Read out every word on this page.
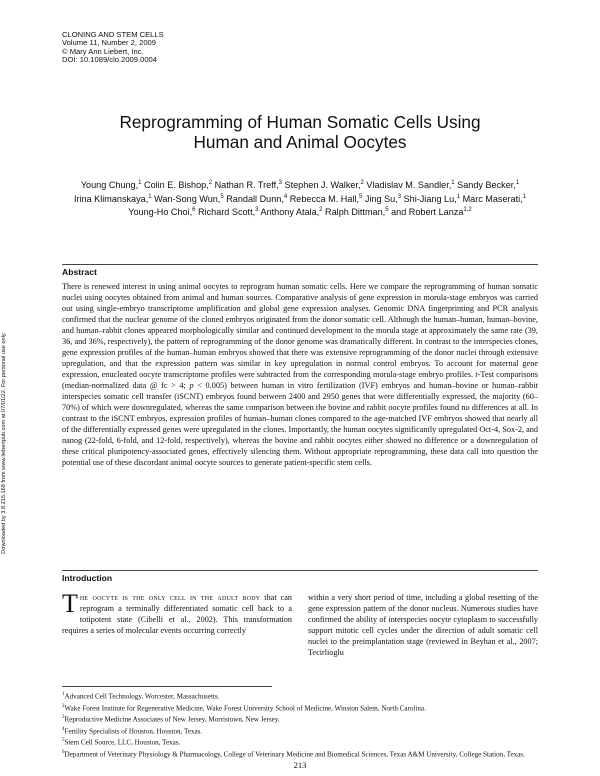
CLONING AND STEM CELLS
Volume 11, Number 2, 2009
© Mary Ann Liebert, Inc.
DOI: 10.1089/clo.2009.0004
Downloaded by 3.8.215.168 from www.liebertpub.com at 07/01/22. For personal use only.
Reprogramming of Human Somatic Cells Using
Human and Animal Oocytes
Young Chung,$^1$ Colin E. Bishop,$^2$ Nathan R. Treff,$^3$ Stephen J. Walker,$^2$ Vladislav M. Sandler,$^1$ Sandy Becker,$^1$ Irina Klimanskaya,$^1$ Wan-Song Wun,$^5$ Randall Dunn,$^4$ Rebecca M. Hall,$^5$ Jing Su,$^3$ Shi-Jiang Lu,$^1$ Marc Maserati,$^1$ Young-Ho Choi,$^6$ Richard Scott,$^3$ Anthony Atala,$^2$ Ralph Dittman,$^5$ and Robert Lanza$^{1,2}$
Abstract
There is renewed interest in using animal oocytes to reprogram human somatic cells. Here we compare the reprogramming of human somatic nuclei using oocytes obtained from animal and human sources. Comparative analysis of gene expression in morula-stage embryos was carried out using single-embryo transcriptome amplification and global gene expression analyses. Genomic DNA fingerprinting and PCR analysis confirmed that the nuclear genome of the cloned embryos originated from the donor somatic cell. Although the human–human, human–bovine, and human–rabbit clones appeared morphologically similar and continued development to the morula stage at approximately the same rate (39, 36, and 36%, respectively), the pattern of reprogramming of the donor genome was dramatically different. In contrast to the interspecies clones, gene expression profiles of the human–human embryos showed that there was extensive reprogramming of the donor nuclei through extensive upregulation, and that the expression pattern was similar in key upregulation in normal control embryos. To account for maternal gene expression, enucleated oocyte transcriptome profiles were subtracted from the corresponding morula-stage embryo profiles. t-Test comparisons (median-normalized data @ fc > 4; p < 0.005) between human in vitro fertilization (IVF) embryos and human–bovine or human–rabbit interspecies somatic cell transfer (iSCNT) embryos found between 2400 and 2950 genes that were differentially expressed, the majority (60–70%) of which were downregulated, whereas the same comparison between the bovine and rabbit oocyte profiles found no differences at all. In contrast to the iSCNT embryos, expression profiles of human–human clones compared to the age-matched IVF embryos showed that nearly all of the differentially expressed genes were upregulated in the clones. Importantly, the human oocytes significantly upregulated Oct-4, Sox-2, and nanog (22-fold, 6-fold, and 12-fold, respectively), whereas the bovine and rabbit oocytes either showed no difference or a downregulation of these critical pluripotency-associated genes, effectively silencing them. Without appropriate reprogramming, these data call into question the potential use of these discordant animal oocyte sources to generate patient-specific stem cells.
Introduction
The oocyte is the only cell in the adult body that can reprogram a terminally differentiated somatic cell back to a totipotent state (Cibelli et al., 2002). This transformation requires a series of molecular events occurring correctly
within a very short period of time, including a global resetting of the gene expression pattern of the donor nucleus. Numerous studies have confirmed the ability of interspecies oocyte cytoplasm to successfully support mitotic cell cycles under the direction of adult somatic cell nuclei to the preimplantation stage (reviewed in Beyhan et al., 2007; Tecirlioglu
$^1$Advanced Cell Technology, Worcester, Massachusetts.
$^2$Wake Forest Institute for Regenerative Medicine, Wake Forest University School of Medicine, Winston Salem, North Carolina.
$^3$Reproductive Medicine Associates of New Jersey, Morristown, New Jersey.
$^4$Fertility Specialists of Houston, Houston, Texas.
$^5$Stem Cell Source, LLC, Houston, Texas.
$^6$Department of Veterinary Physiology & Pharmacology, College of Veterinary Medicine and Biomedical Sciences, Texas A&M University, College Station, Texas.
213
